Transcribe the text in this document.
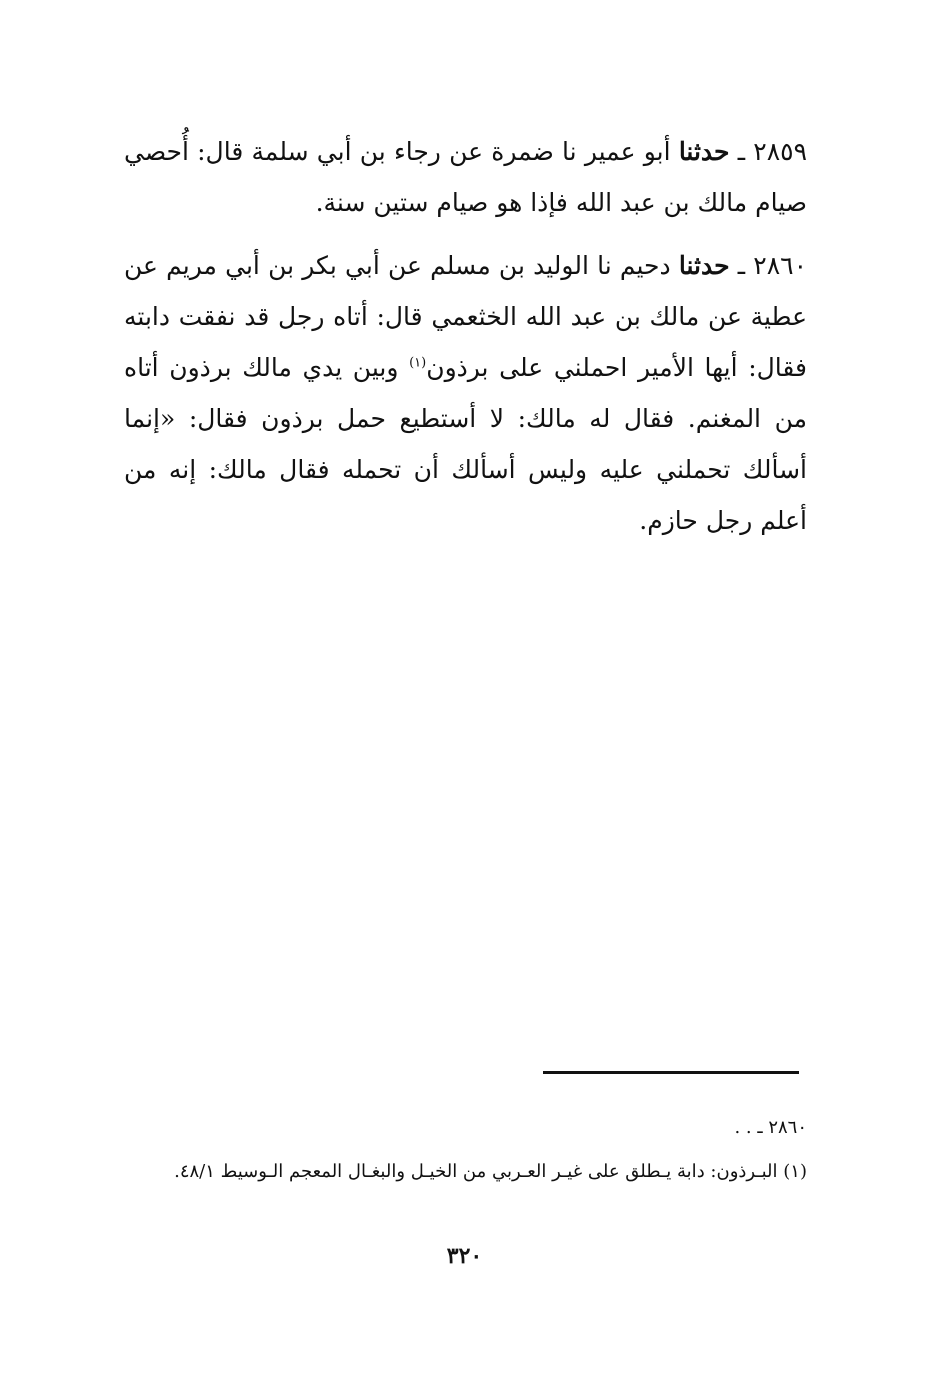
٢٨٥٩ ـ حدثنا أبو عمير نا ضمرة عن رجاء بن أبي سلمة قال: أُحصي صيام مالك بن عبد الله فإذا هو صيام ستين سنة.

٢٨٦٠ ـ حدثنا دحيم نا الوليد بن مسلم عن أبي بكر بن أبي مريم عن عطية عن مالك بن عبد الله الخثعمي قال: أتاه رجل قد نفقت دابته فقال: أيها الأمير احملني على برذون$^{(١)}$ وبين يدي مالك برذون أتاه من المغنم. فقال له مالك: لا أستطيع حمل برذون فقال: «إنما أسألك تحملني عليه وليس أسألك أن تحمله فقال مالك: إنه من أعلم رجل حازم.

٢٨٦٠ ـ . .

(١) البـرذون: دابة يـطلق على غيـر العـربي من الخيـل والبغـال المعجم الـوسيط ٤٨/١.

٣٢٠
